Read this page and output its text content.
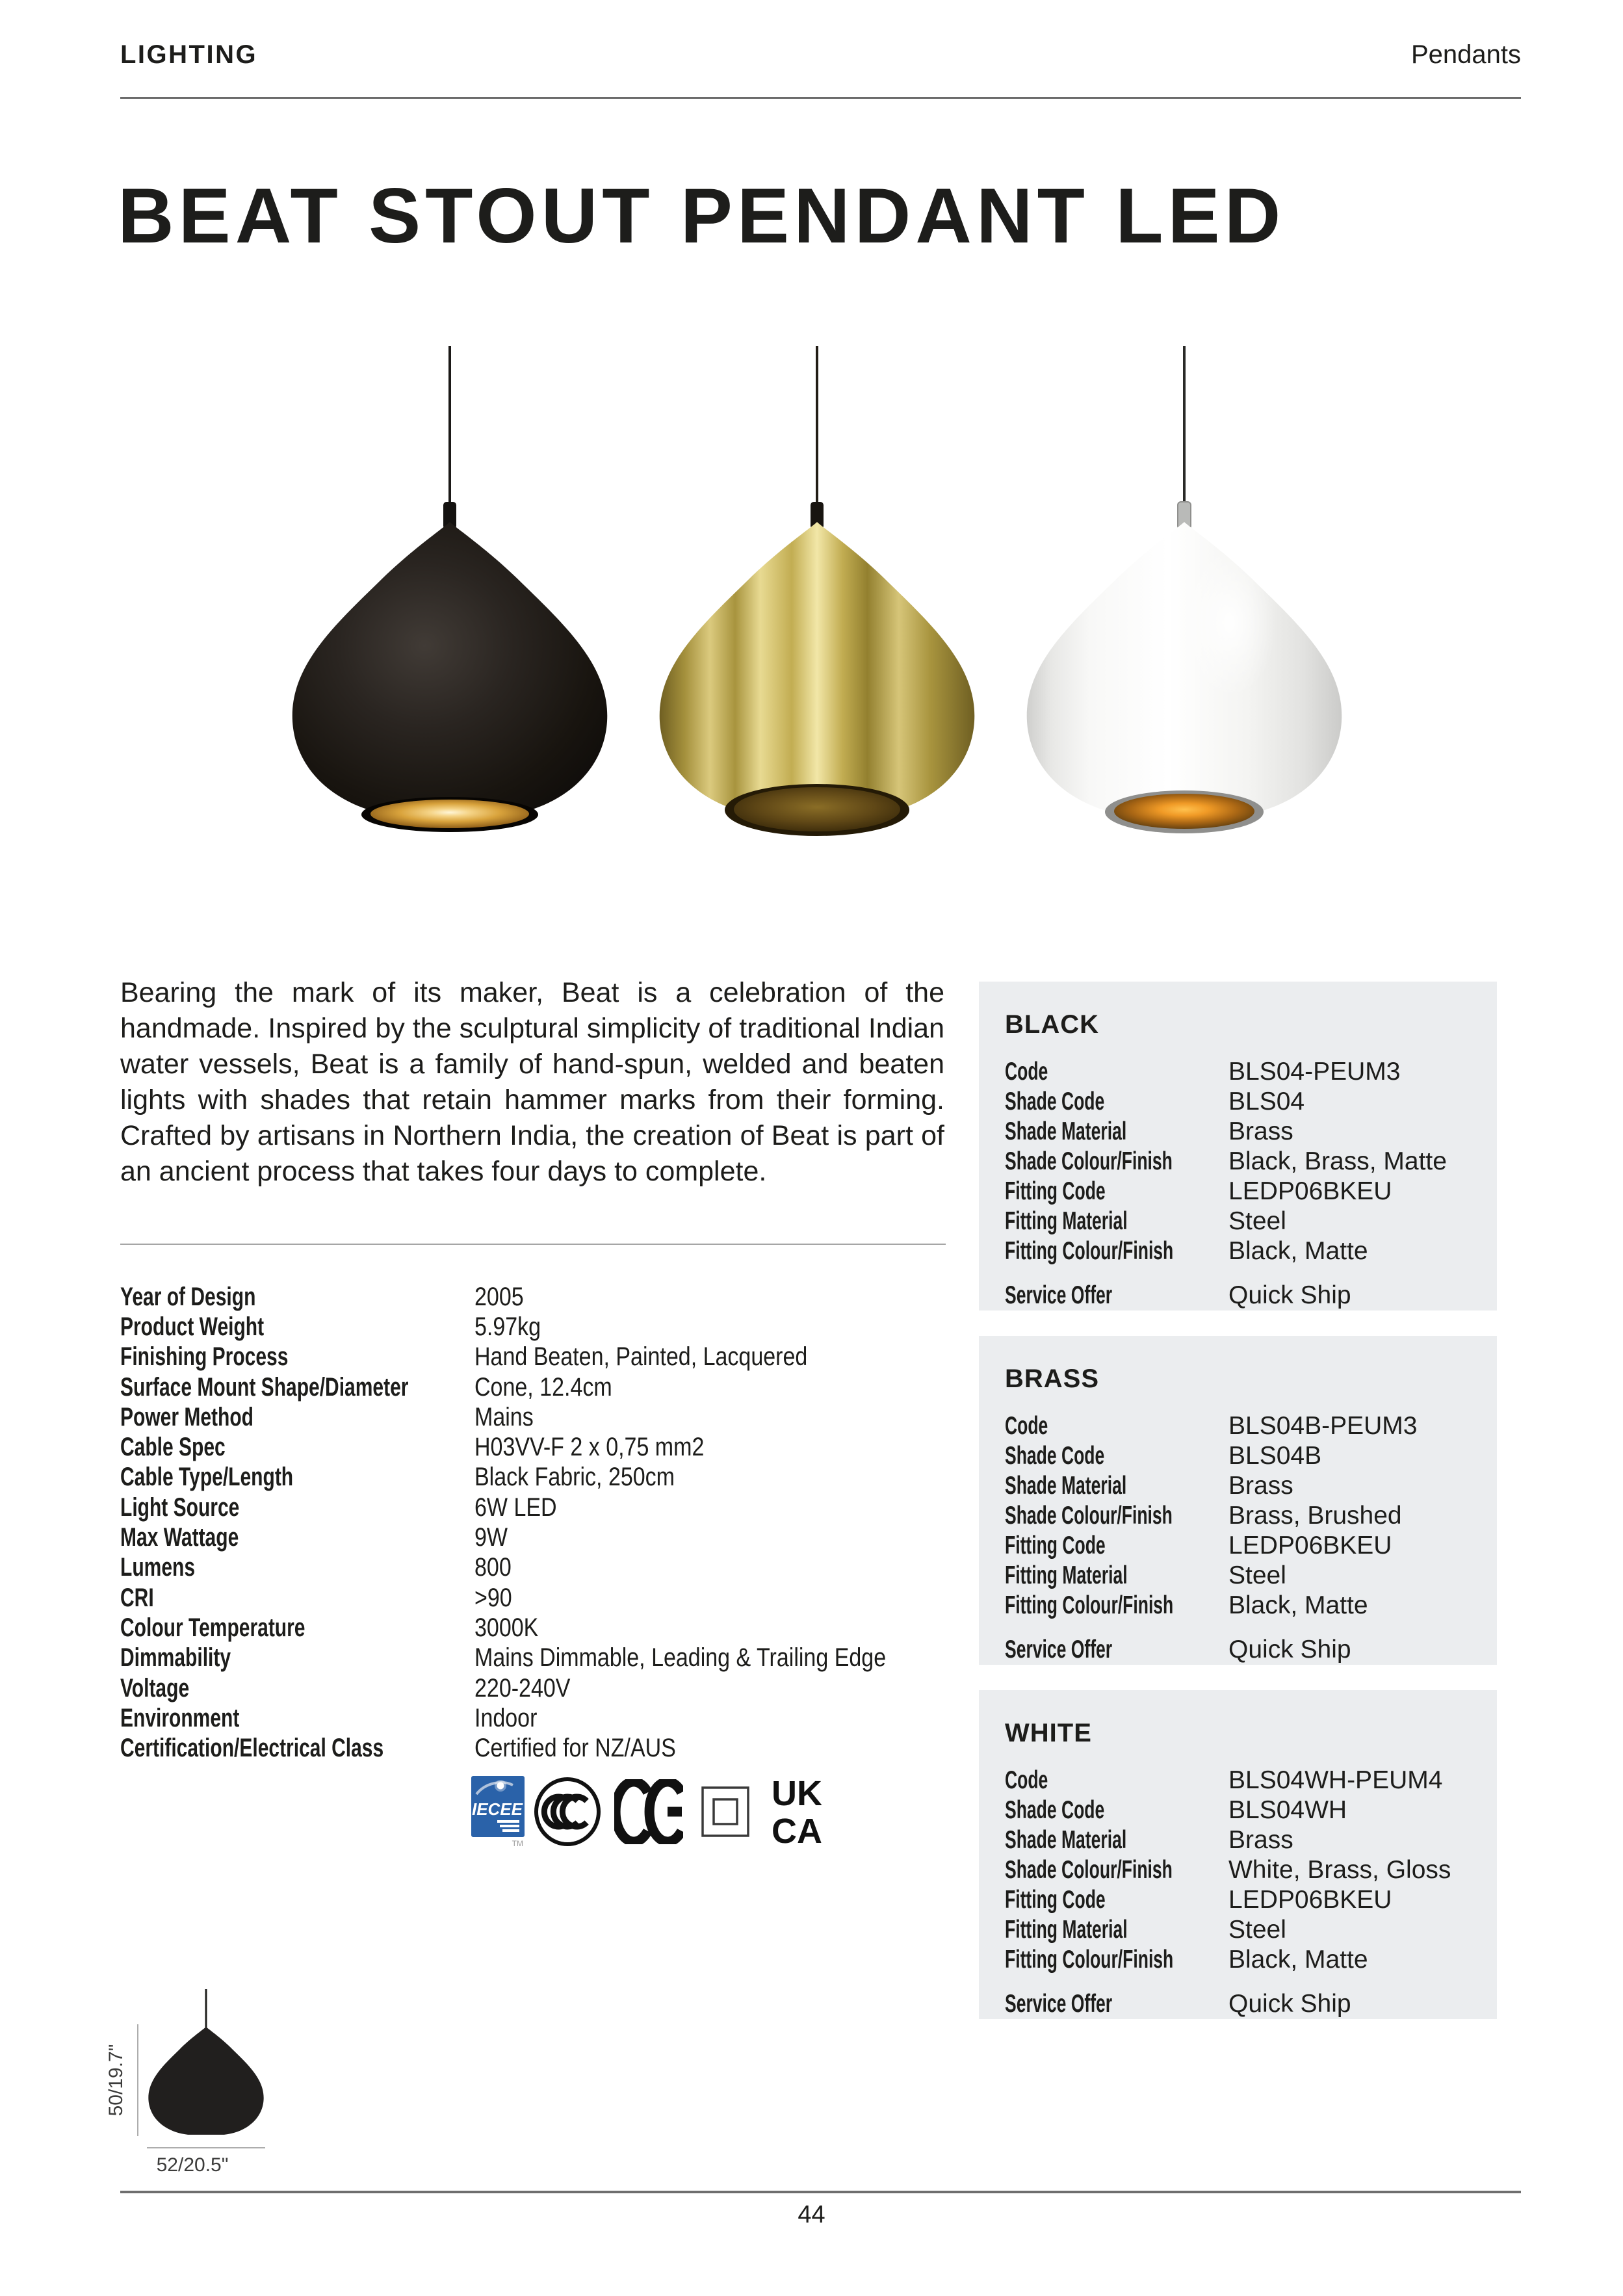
LIGHTING	Pendants
BEAT STOUT PENDANT LED

Bearing the mark of its maker, Beat is a celebration of the handmade. Inspired by the sculptural simplicity of traditional Indian water vessels, Beat is a family of hand-spun, welded and beaten lights with shades that retain hammer marks from their forming. Crafted by artisans in Northern India, the creation of Beat is part of an ancient process that takes four days to complete.

Year of Design	2005
Product Weight	5.97kg
Finishing Process	Hand Beaten, Painted, Lacquered
Surface Mount Shape/Diameter	Cone, 12.4cm
Power Method	Mains
Cable Spec	H03VV-F 2 x 0,75 mm2
Cable Type/Length	Black Fabric, 250cm
Light Source	6W LED
Max Wattage	9W
Lumens	800
CRI	>90
Colour Temperature	3000K
Dimmability	Mains Dimmable, Leading & Trailing Edge
Voltage	220-240V
Environment	Indoor
Certification/Electrical Class	Certified for NZ/AUS
IECEE
TM
UK
CA
BLACK
Code	BLS04-PEUM3
Shade Code	BLS04
Shade Material	Brass
Shade Colour/Finish	Black, Brass, Matte
Fitting Code	LEDP06BKEU
Fitting Material	Steel
Fitting Colour/Finish	Black, Matte
Service Offer	Quick Ship
BRASS
Code	BLS04B-PEUM3
Shade Code	BLS04B
Shade Material	Brass
Shade Colour/Finish	Brass, Brushed
Fitting Code	LEDP06BKEU
Fitting Material	Steel
Fitting Colour/Finish	Black, Matte
Service Offer	Quick Ship
WHITE
Code	BLS04WH-PEUM4
Shade Code	BLS04WH
Shade Material	Brass
Shade Colour/Finish	White, Brass, Gloss
Fitting Code	LEDP06BKEU
Fitting Material	Steel
Fitting Colour/Finish	Black, Matte
Service Offer	Quick Ship
50/19.7"
52/20.5"
44
